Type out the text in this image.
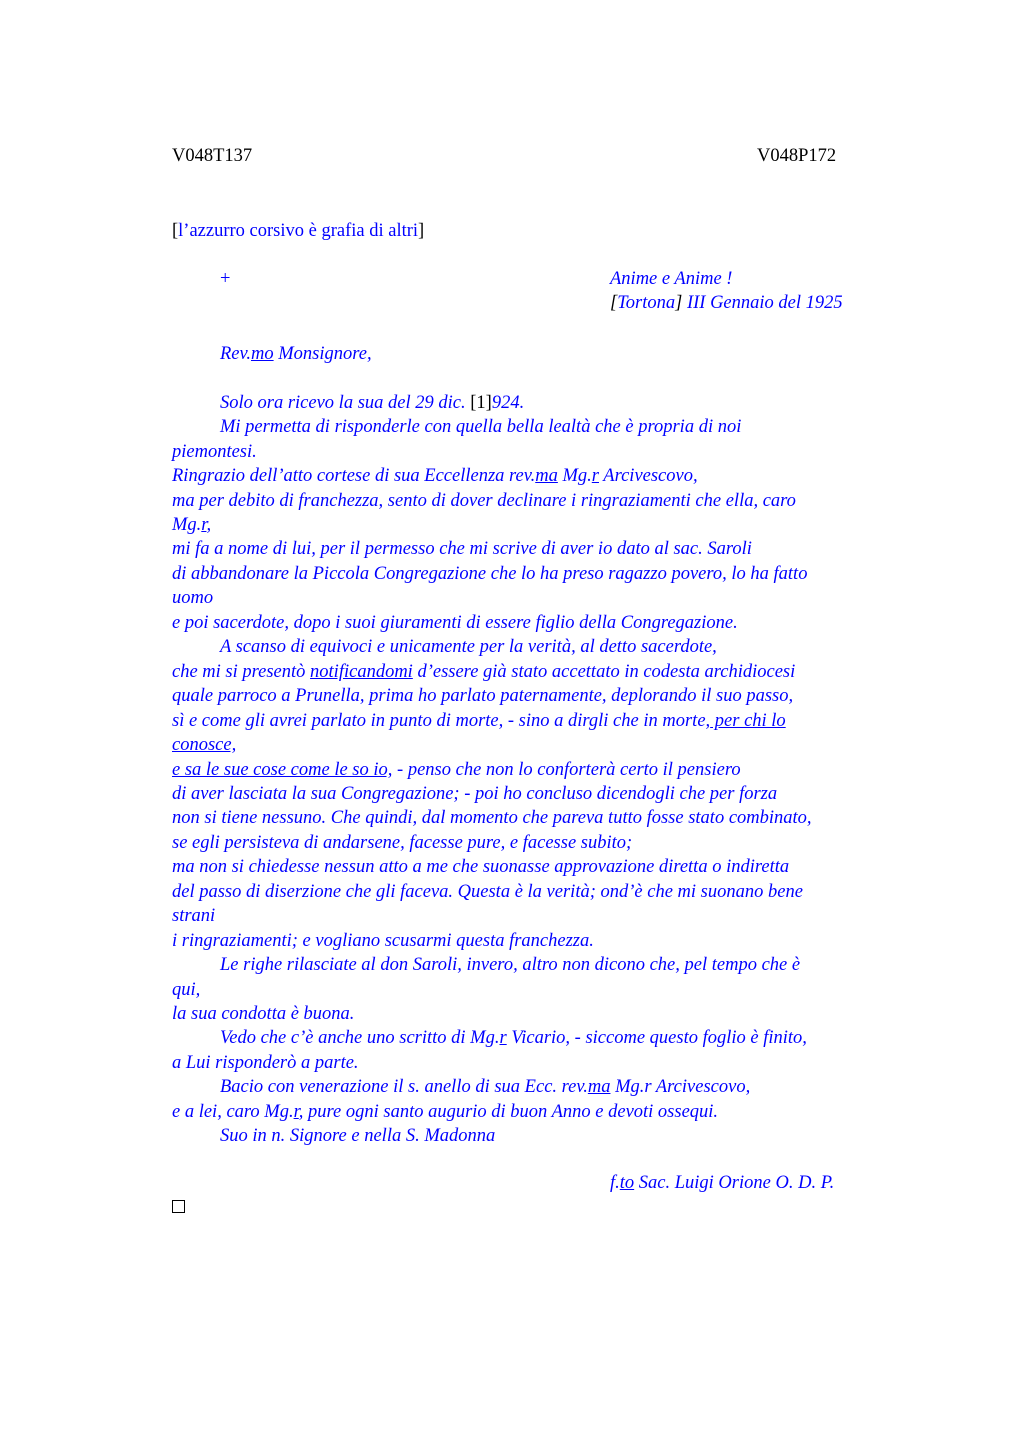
V048T137	V048P172
[l’azzurro corsivo è grafia di altri]
+	Anime e Anime !
[Tortona] III Gennaio del 1925
Rev.mo Monsignore,
Solo ora ricevo la sua del 29 dic. [1]924.
Mi permetta di risponderle con quella bella lealtà che è propria di noi
piemontesi.
Ringrazio dell’atto cortese di sua Eccellenza rev.ma Mg.r Arcivescovo,
ma per debito di franchezza, sento di dover declinare i ringraziamenti che ella, caro
Mg.r,
mi fa a nome di lui, per il permesso che mi scrive di aver io dato al sac. Saroli
di abbandonare la Piccola Congregazione che lo ha preso ragazzo povero, lo ha fatto
uomo
e poi sacerdote, dopo i suoi giuramenti di essere figlio della Congregazione.
A scanso di equivoci e unicamente per la verità, al detto sacerdote,
che mi si presentò notificandomi d’essere già stato accettato in codesta archidiocesi
quale parroco a Prunella, prima ho parlato paternamente, deplorando il suo passo,
sì e come gli avrei parlato in punto di morte, - sino a dirgli che in morte, per chi lo
conosce,
e sa le sue cose come le so io, - penso che non lo conforterà certo il pensiero
di aver lasciata la sua Congregazione; - poi ho concluso dicendogli che per forza
non si tiene nessuno. Che quindi, dal momento che pareva tutto fosse stato combinato,
se egli persisteva di andarsene, facesse pure, e facesse subito;
ma non si chiedesse nessun atto a me che suonasse approvazione diretta o indiretta
del passo di diserzione che gli faceva. Questa è la verità; ond’è che mi suonano bene
strani
i ringraziamenti; e vogliano scusarmi questa franchezza.
Le righe rilasciate al don Saroli, invero, altro non dicono che, pel tempo che è
qui,
la sua condotta è buona.
Vedo che c’è anche uno scritto di Mg.r Vicario, - siccome questo foglio è finito,
a Lui risponderò a parte.
Bacio con venerazione il s. anello di sua Ecc. rev.ma Mg.r Arcivescovo,
e a lei, caro Mg.r, pure ogni santo augurio di buon Anno e devoti ossequi.
Suo in n. Signore e nella S. Madonna
f.to Sac. Luigi Orione O. D. P.
